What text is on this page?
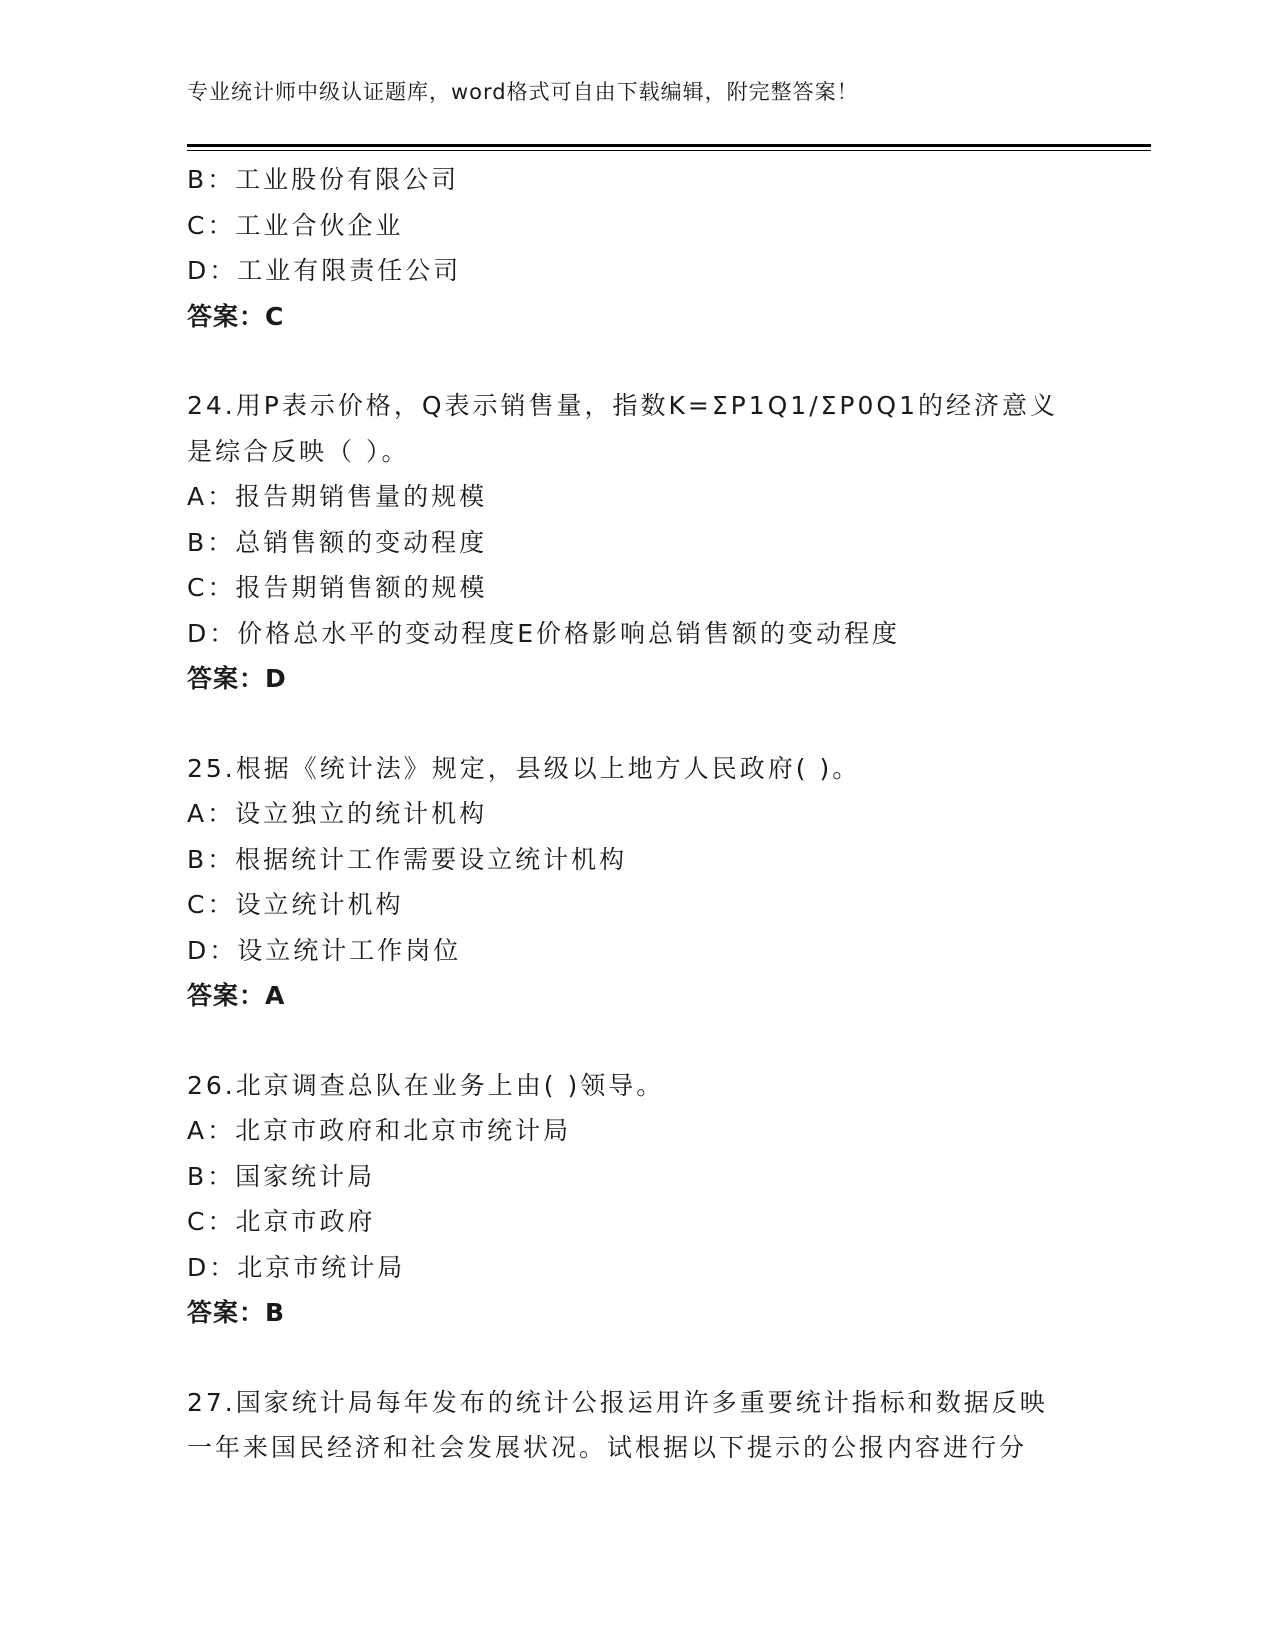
专业统计师中级认证题库，word格式可自由下载编辑，附完整答案！
B：工业股份有限公司
C：工业合伙企业
D：工业有限责任公司
答案：C
24.用P表示价格，Q表示销售量，指数K=ΣP1Q1/ΣP0Q1的经济意义
是综合反映（ ）。
A：报告期销售量的规模
B：总销售额的变动程度
C：报告期销售额的规模
D：价格总水平的变动程度E价格影响总销售额的变动程度
答案：D
25.根据《统计法》规定，县级以上地方人民政府( )。
A：设立独立的统计机构
B：根据统计工作需要设立统计机构
C：设立统计机构
D：设立统计工作岗位
答案：A
26.北京调查总队在业务上由( )领导。
A：北京市政府和北京市统计局
B：国家统计局
C：北京市政府
D：北京市统计局
答案：B
27.国家统计局每年发布的统计公报运用许多重要统计指标和数据反映
一年来国民经济和社会发展状况。试根据以下提示的公报内容进行分
